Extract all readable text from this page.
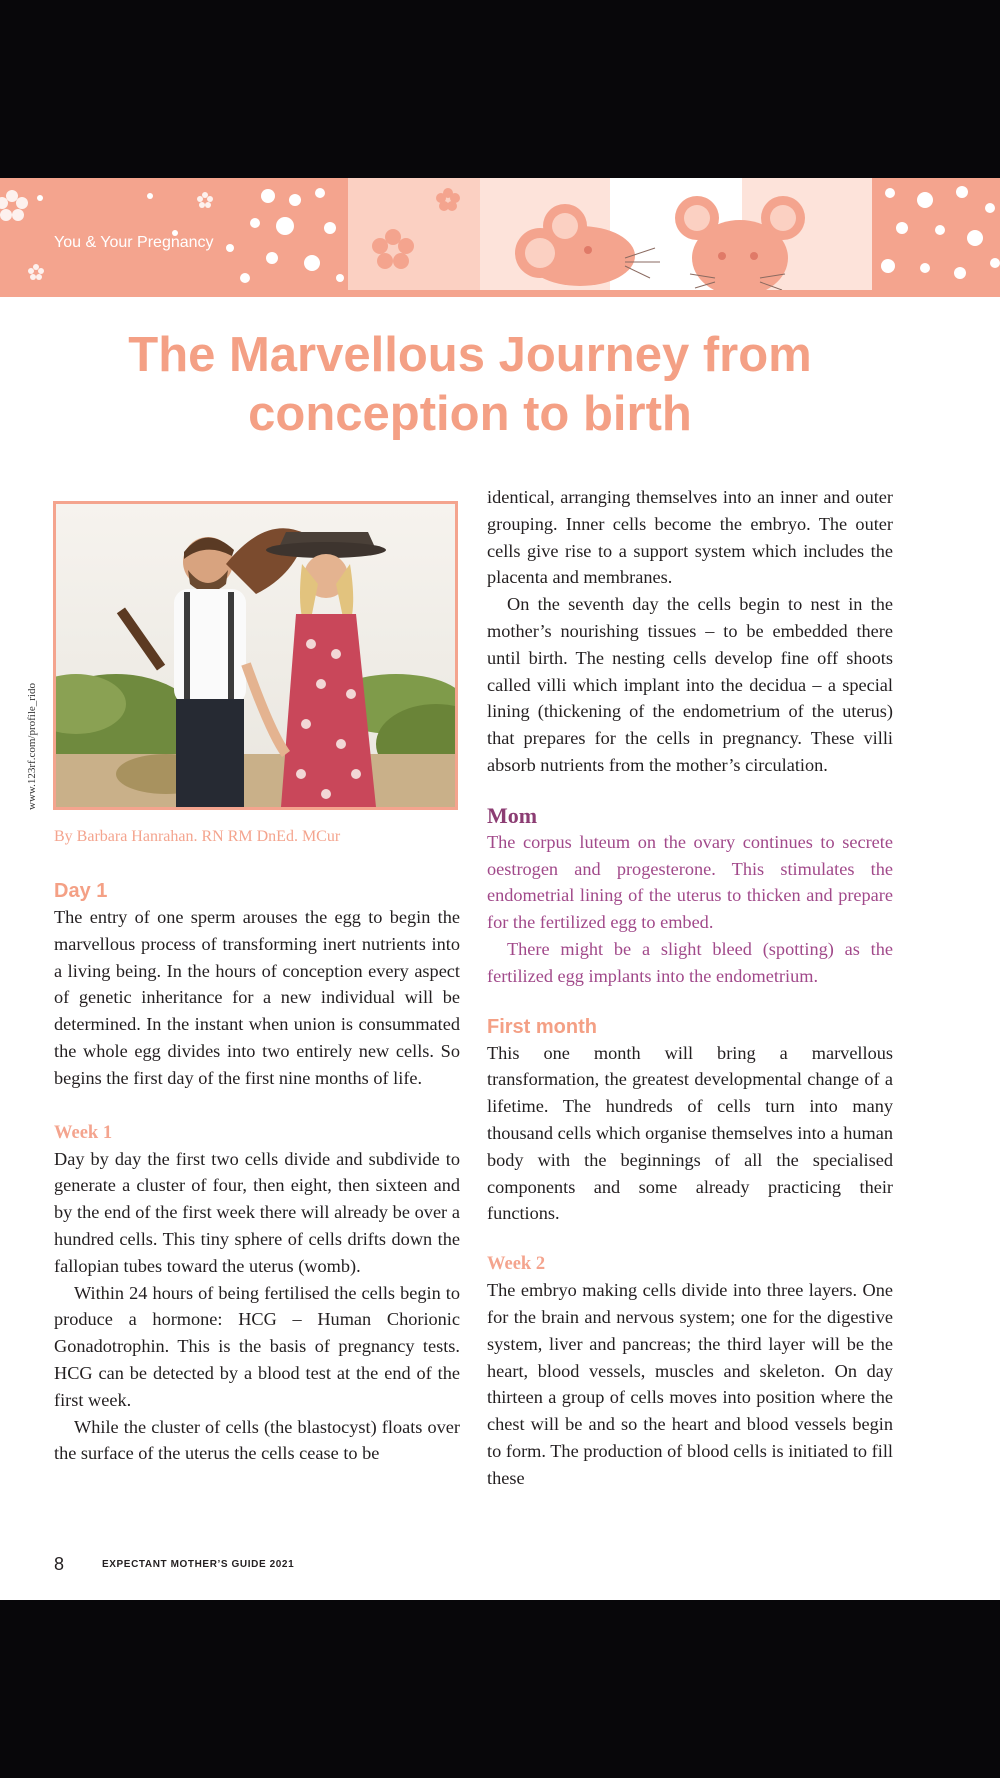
You & Your Pregnancy
The Marvellous Journey from
conception to birth
www.123rf.com/profile_rido
By Barbara Hanrahan. RN RM DnEd. MCur
Day 1

The entry of one sperm arouses the egg to begin the marvellous process of transforming inert nutrients into a living being. In the hours of conception every aspect of genetic inheritance for a new individual will be determined. In the instant when union is consummated the whole egg divides into two entirely new cells. So begins the first day of the first nine months of life.

Week 1

Day by day the first two cells divide and subdivide to generate a cluster of four, then eight, then sixteen and by the end of the first week there will already be over a hundred cells. This tiny sphere of cells drifts down the fallopian tubes toward the uterus (womb).

Within 24 hours of being fertilised the cells begin to produce a hormone: HCG – Human Chorionic Gonadotrophin. This is the basis of pregnancy tests. HCG can be detected by a blood test at the end of the first week.

While the cluster of cells (the blastocyst) floats over the surface of the uterus the cells cease to be

identical, arranging themselves into an inner and outer grouping. Inner cells become the embryo. The outer cells give rise to a support system which includes the placenta and membranes.

On the seventh day the cells begin to nest in the mother’s nourishing tissues – to be embedded there until birth. The nesting cells develop fine off shoots called villi which implant into the decidua – a special lining (thickening of the endometrium of the uterus) that prepares for the cells in pregnancy. These villi absorb nutrients from the mother’s circulation.

Mom

The corpus luteum on the ovary continues to secrete oestrogen and progesterone. This stimulates the endometrial lining of the uterus to thicken and prepare for the fertilized egg to embed.

There might be a slight bleed (spotting) as the fertilized egg implants into the endometrium.

First month

This one month will bring a marvellous transformation, the greatest developmental change of a lifetime. The hundreds of cells turn into many thousand cells which organise themselves into a human body with the beginnings of all the specialised components and some already practicing their functions.

Week 2

The embryo making cells divide into three layers. One for the brain and nervous system; one for the digestive system, liver and pancreas; the third layer will be the heart, blood vessels, muscles and skeleton. On day thirteen a group of cells moves into position where the chest will be and so the heart and blood vessels begin to form. The production of blood cells is initiated to fill these

8	EXPECTANT MOTHER’S GUIDE 2021
